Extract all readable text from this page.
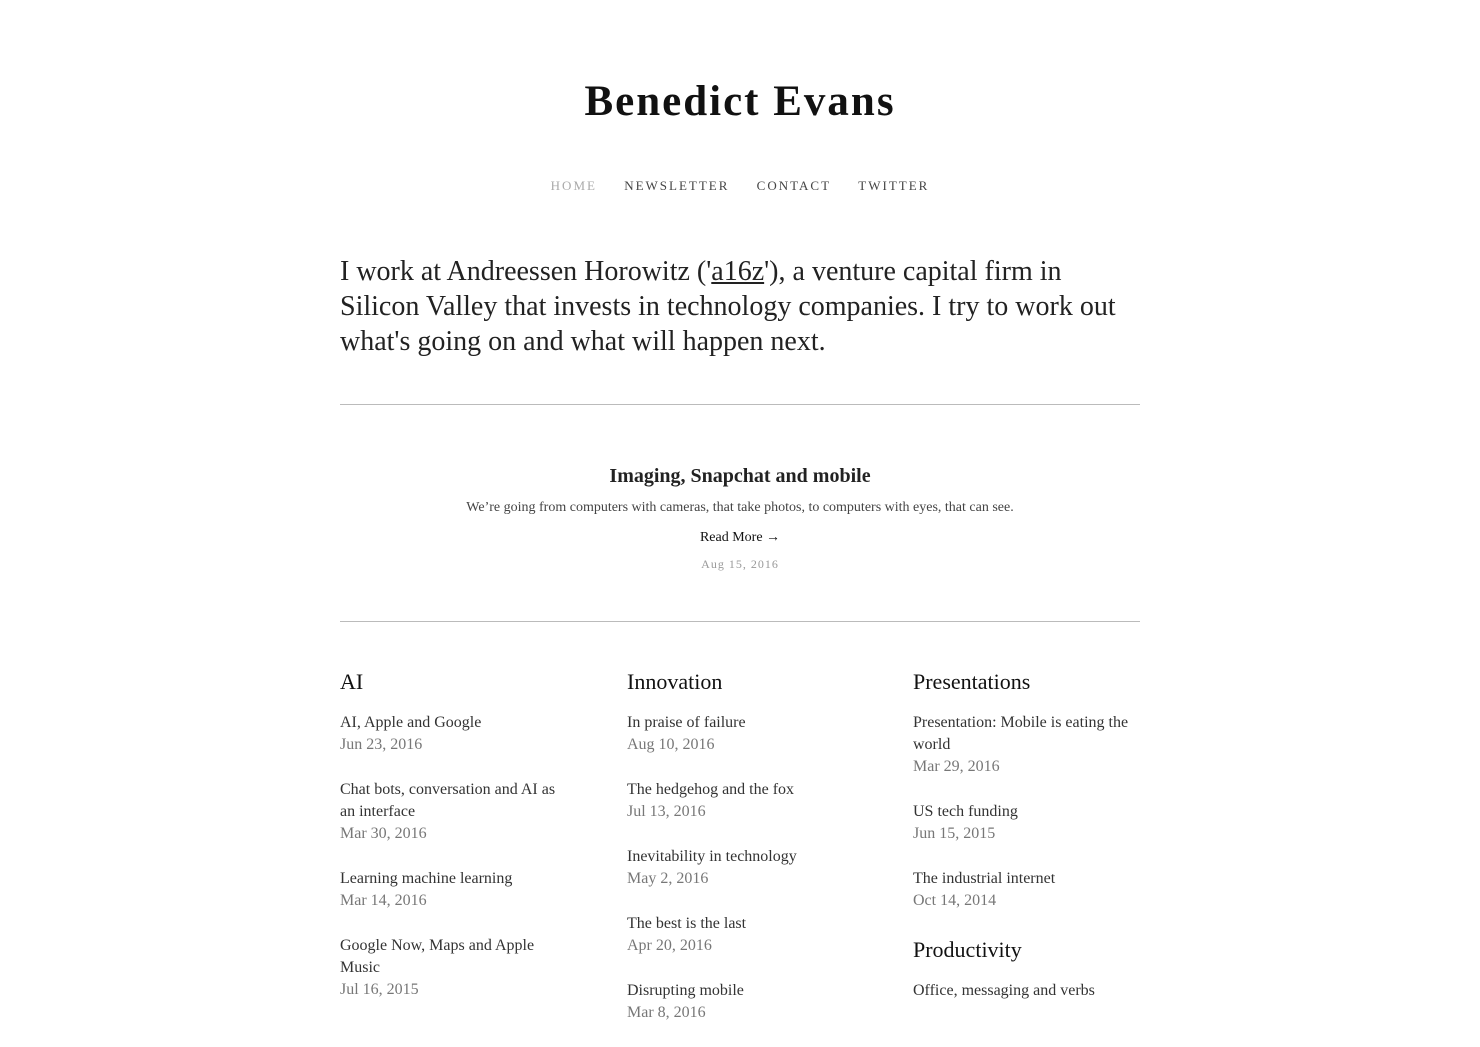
Benedict Evans
HOME NEWSLETTER CONTACT TWITTER

I work at Andreessen Horowitz ('a16z'), a venture capital firm in Silicon Valley that invests in technology companies. I try to work out what's going on and what will happen next.

Imaging, Snapchat and mobile
We’re going from computers with cameras, that take photos, to computers with eyes, that can see.
Read More →
Aug 15, 2016
AI
AI, Apple and Google
Jun 23, 2016
Chat bots, conversation and AI as an interface
Mar 30, 2016
Learning machine learning
Mar 14, 2016
Google Now, Maps and Apple Music
Jul 16, 2015
Innovation
In praise of failure
Aug 10, 2016
The hedgehog and the fox
Jul 13, 2016
Inevitability in technology
May 2, 2016
The best is the last
Apr 20, 2016
Disrupting mobile
Mar 8, 2016
Presentations
Presentation: Mobile is eating the world
Mar 29, 2016
US tech funding
Jun 15, 2015
The industrial internet
Oct 14, 2014
Productivity
Office, messaging and verbs
